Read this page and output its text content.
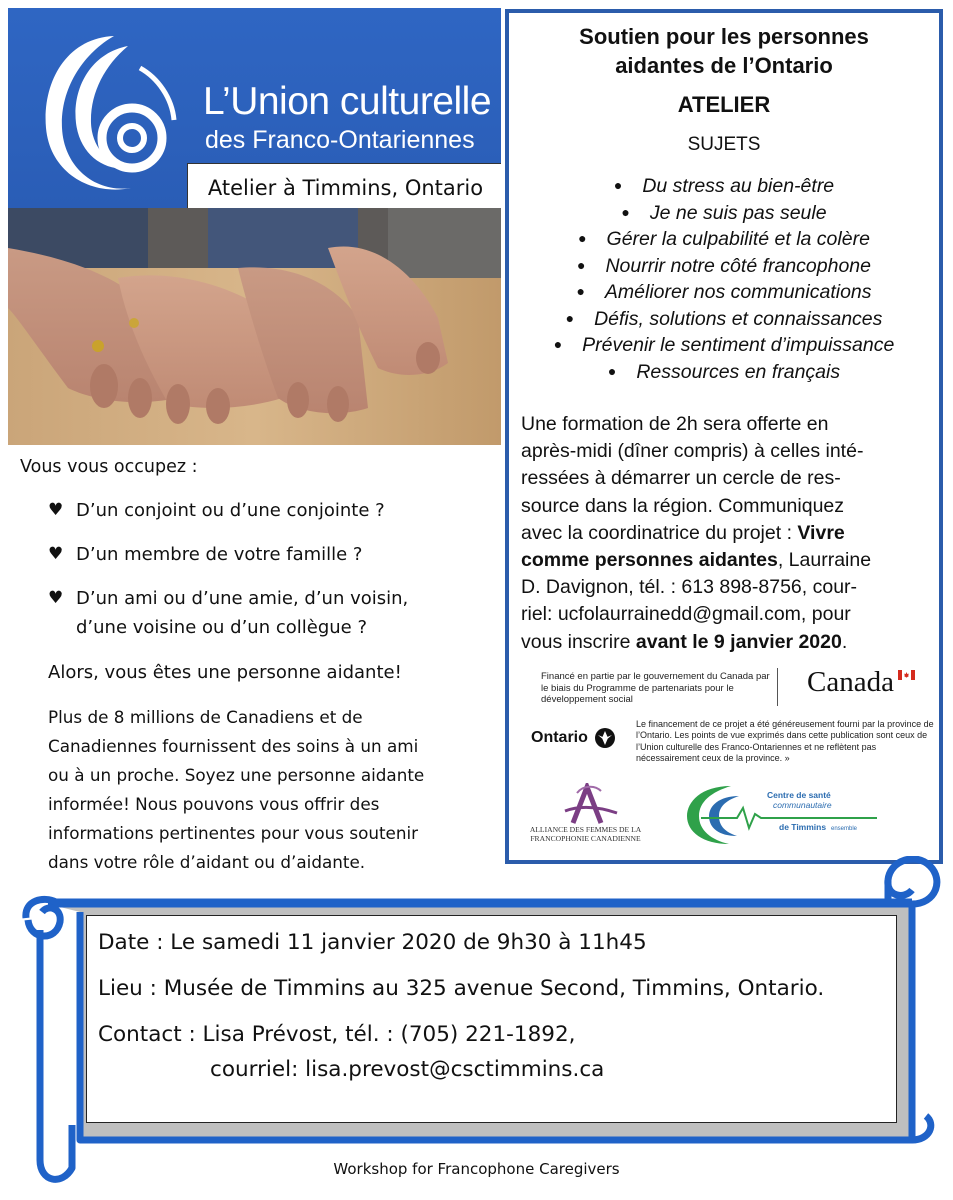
L’Union culturelle
des Franco-Ontariennes
Atelier à Timmins, Ontario
Vous vous occupez :
♥ D’un conjoint ou d’une conjointe ?
♥ D’un membre de votre famille ?
♥ D’un ami ou d’une amie, d’un voisin,
d’une voisine ou d’un collègue ?
Alors, vous êtes une personne aidante!

Plus de 8 millions de Canadiens et de
Canadiennes fournissent des soins à un ami
ou à un proche. Soyez une personne aidante
informée! Nous pouvons vous offrir des
informations pertinentes pour vous soutenir
dans votre rôle d’aidant ou d’aidante.

Soutien pour les personnes
aidantes de l’Ontario
ATELIER
SUJETS
● Du stress au bien-être
● Je ne suis pas seule
● Gérer la culpabilité et la colère
● Nourrir notre côté francophone
● Améliorer nos communications
● Défis, solutions et connaissances
● Prévenir le sentiment d’impuissance
● Ressources en français

Une formation de 2h sera offerte en
après-midi (dîner compris) à celles inté-
ressées à démarrer un cercle de res-
source dans la région. Communiquez
avec la coordinatrice du projet : Vivre
comme personnes aidantes, Laurraine
D. Davignon, tél. : 613 898-8756, cour-
riel: ucfolaurrainedd@gmail.com, pour
vous inscrire avant le 9 janvier 2020.

Financé en partie par le gouvernement du Canada par le biais du Programme de partenariats pour le développement social
Canada
Ontario
Le financement de ce projet a été généreusement fourni par la province de l’Ontario. Les points de vue exprimés dans cette publication sont ceux de l’Union culturelle des Franco-Ontariennes et ne reflètent pas nécessairement ceux de la province. »
ALLIANCE DES FEMMES DE LA FRANCOPHONIE CANADIENNE
Centre de santé
communautaire
de Timmins ensemble
Date : Le samedi 11 janvier 2020 de 9h30 à 11h45
Lieu : Musée de Timmins au 325 avenue Second, Timmins, Ontario.
Contact : Lisa Prévost, tél. : (705) 221-1892,
courriel: lisa.prevost@csctimmins.ca
Workshop for Francophone Caregivers
